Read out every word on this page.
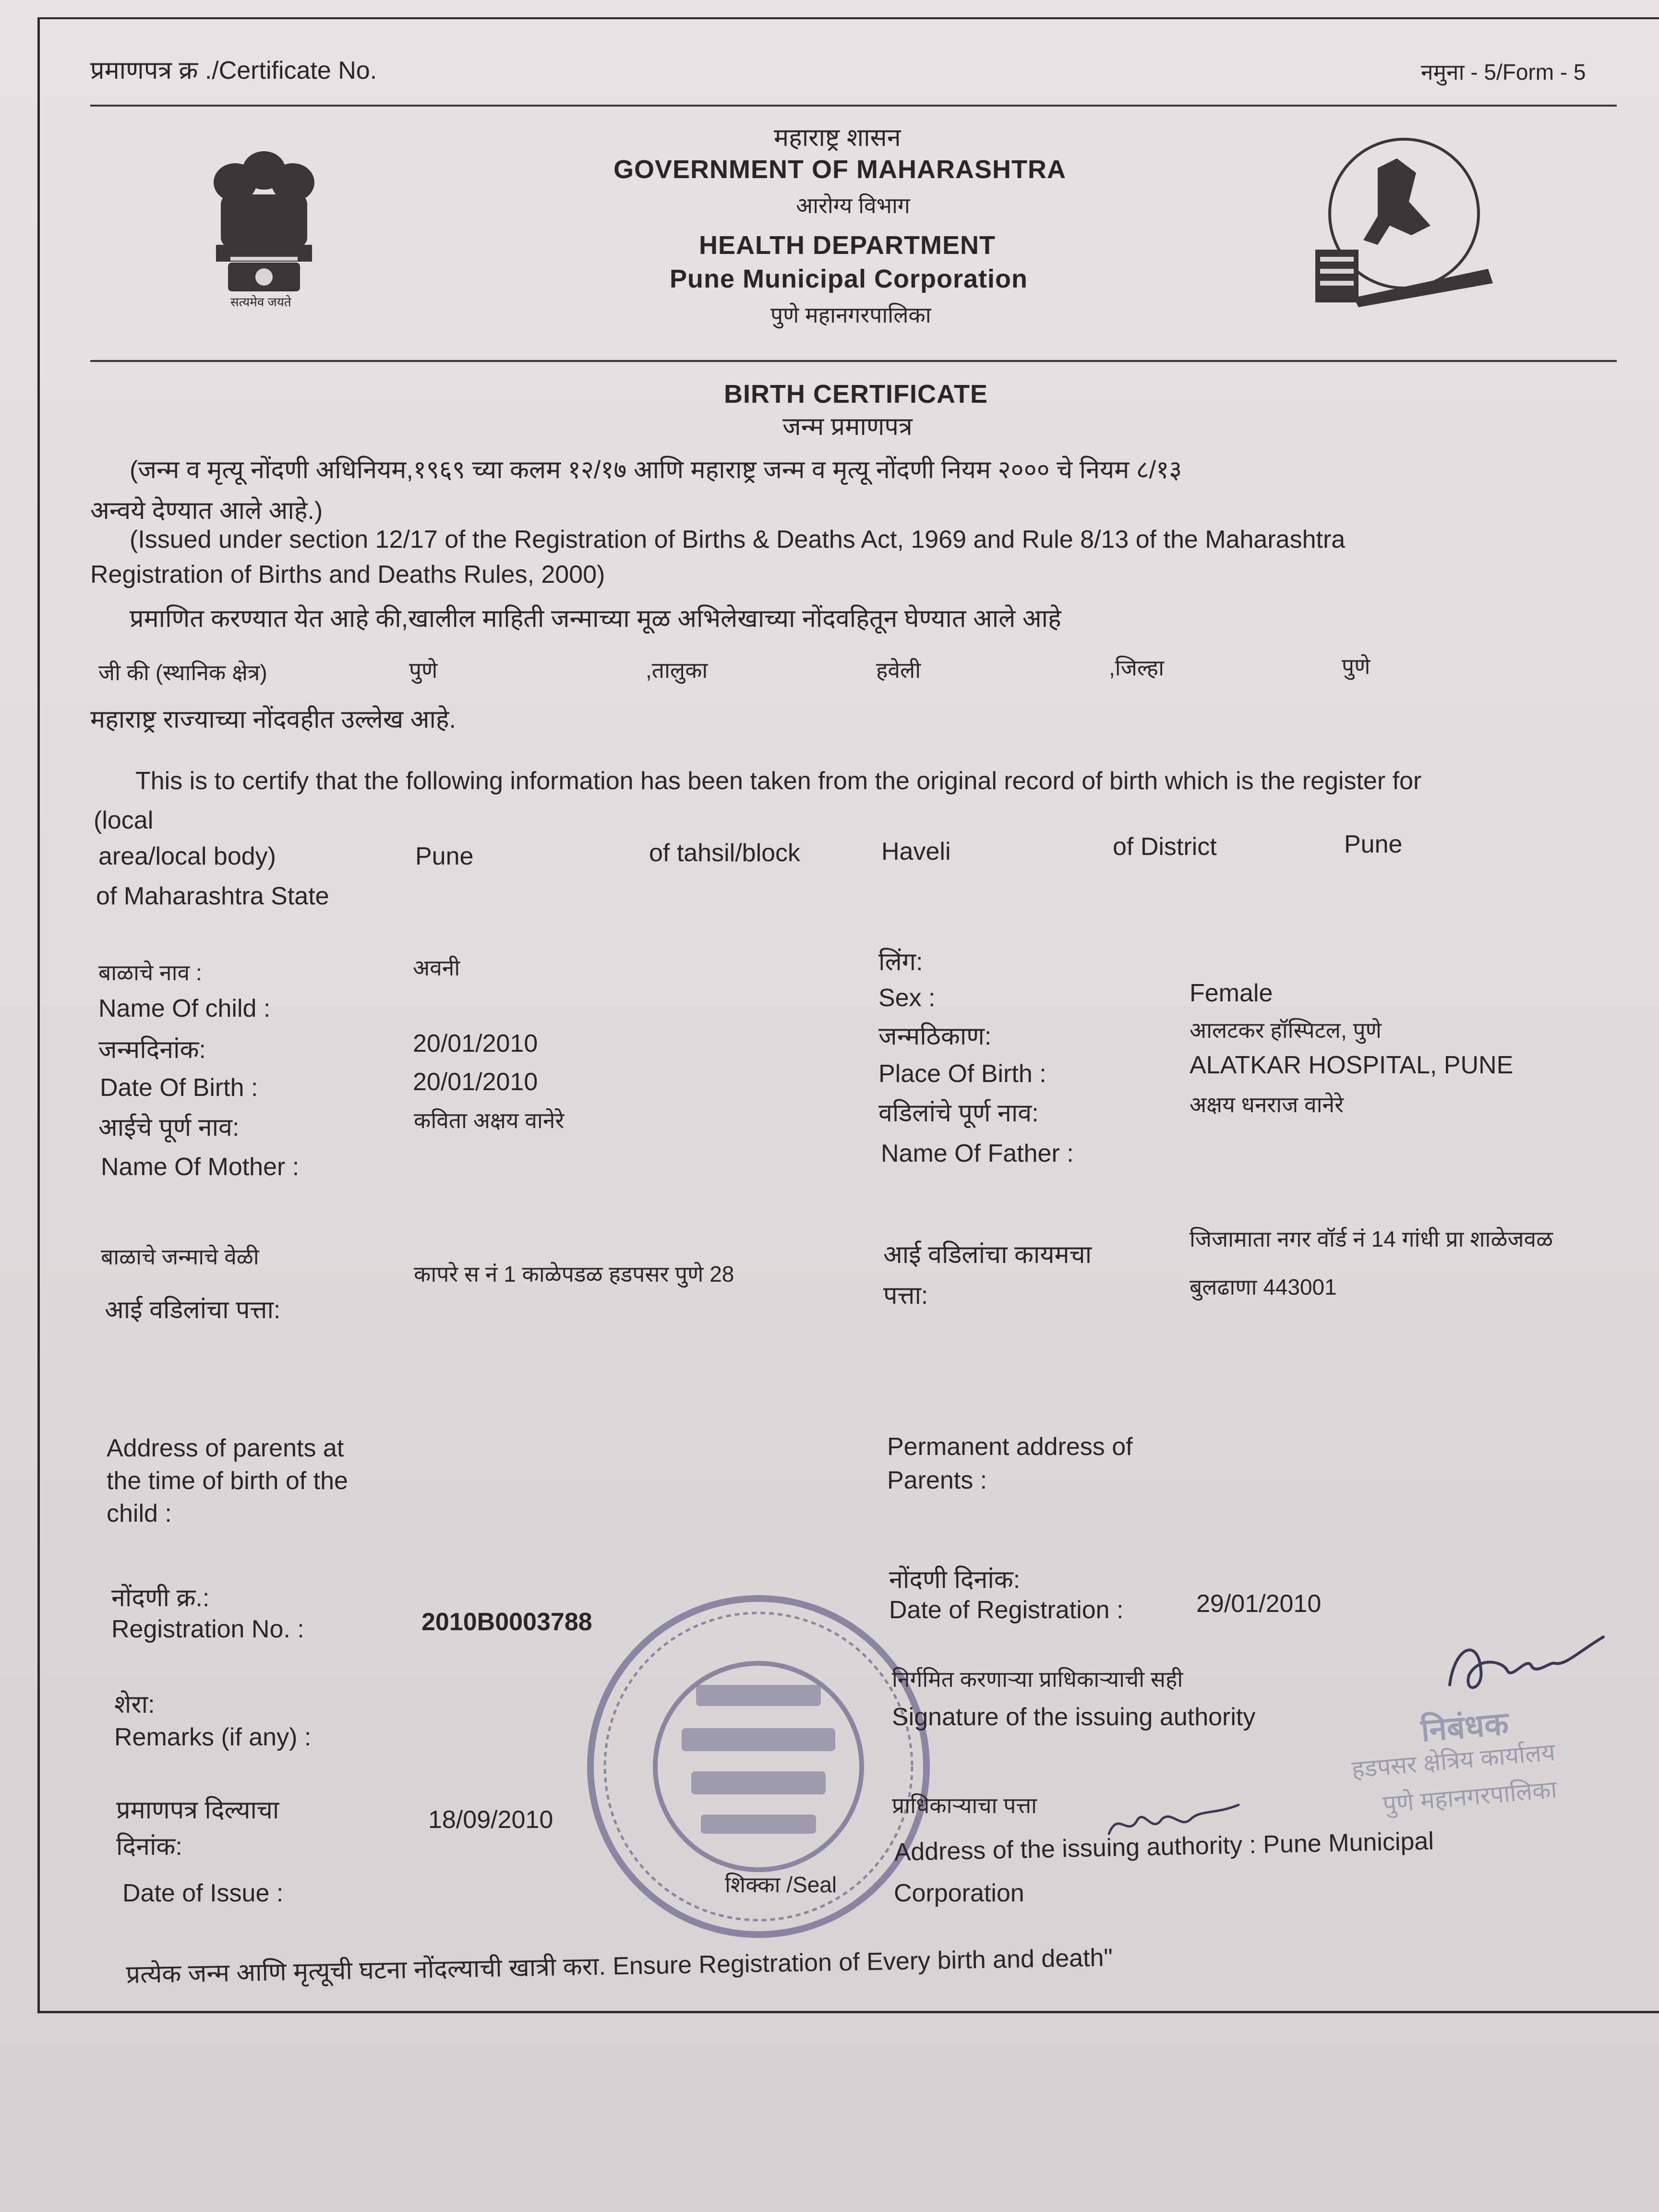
प्रमाणपत्र क्र ./Certificate No.	नमुना - 5/Form - 5
सत्यमेव जयते
महाराष्ट्र शासन
GOVERNMENT OF MAHARASHTRA
आरोग्य विभाग
HEALTH DEPARTMENT
Pune Municipal Corporation
पुणे महानगरपालिका
BIRTH CERTIFICATE
जन्म प्रमाणपत्र
(जन्म व मृत्यू नोंदणी अधिनियम,१९६९ च्या कलम १२/१७ आणि महाराष्ट्र जन्म व मृत्यू नोंदणी नियम २००० चे नियम ८/१३
अन्वये देण्यात आले आहे.)
(Issued under section 12/17 of the Registration of Births & Deaths Act, 1969 and Rule 8/13 of the Maharashtra
Registration of Births and Deaths Rules, 2000)
प्रमाणित करण्यात येत आहे की,खालील माहिती जन्माच्या मूळ अभिलेखाच्या नोंदवहितून घेण्यात आले आहे
जी की (स्थानिक क्षेत्र)	पुणे	,तालुका	हवेली	,जिल्हा	पुणे
महाराष्ट्र राज्याच्या नोंदवहीत उल्लेख आहे.
This is to certify that the following information has been taken from the original record of birth which is the register for
(local
area/local body)	Pune	of tahsil/block	Haveli	of District	Pune
of Maharashtra State
बाळाचे नाव :	अवनी
Name Of child :
जन्मदिनांक:	20/01/2010
Date Of Birth :	20/01/2010
आईचे पूर्ण नाव:	कविता अक्षय वानेरे
Name Of Mother :
लिंग:
Sex :	Female
जन्मठिकाण:	आलटकर हॉस्पिटल, पुणे
Place Of Birth :	ALATKAR HOSPITAL, PUNE
वडिलांचे पूर्ण नाव:	अक्षय धनराज वानेरे
Name Of Father :
बाळाचे जन्माचे वेळी
आई वडिलांचा पत्ता:
कापरे स नं 1 काळेपडळ हडपसर पुणे 28
आई वडिलांचा कायमचा
पत्ता:
जिजामाता नगर वॉर्ड नं 14 गांधी प्रा शाळेजवळ
बुलढाणा 443001
Address of parents at
the time of birth of the
child :
Permanent address of
Parents :
शिक्का /Seal
नोंदणी क्र.:
Registration No. :	2010B0003788
नोंदणी दिनांक:
Date of Registration :	29/01/2010
शेरा:
Remarks (if any) :
निर्गमित करणाऱ्या प्राधिकाऱ्याची सही
Signature of the issuing authority
प्रमाणपत्र दिल्याचा
दिनांक:
Date of Issue :
18/09/2010
प्राधिकाऱ्याचा पत्ता
Address of the issuing authority : Pune Municipal
Corporation
निबंधक
हडपसर क्षेत्रिय कार्यालय
पुणे महानगरपालिका
प्रत्येक जन्म आणि मृत्यूची घटना नोंदल्याची खात्री करा. Ensure Registration of Every birth and death"
